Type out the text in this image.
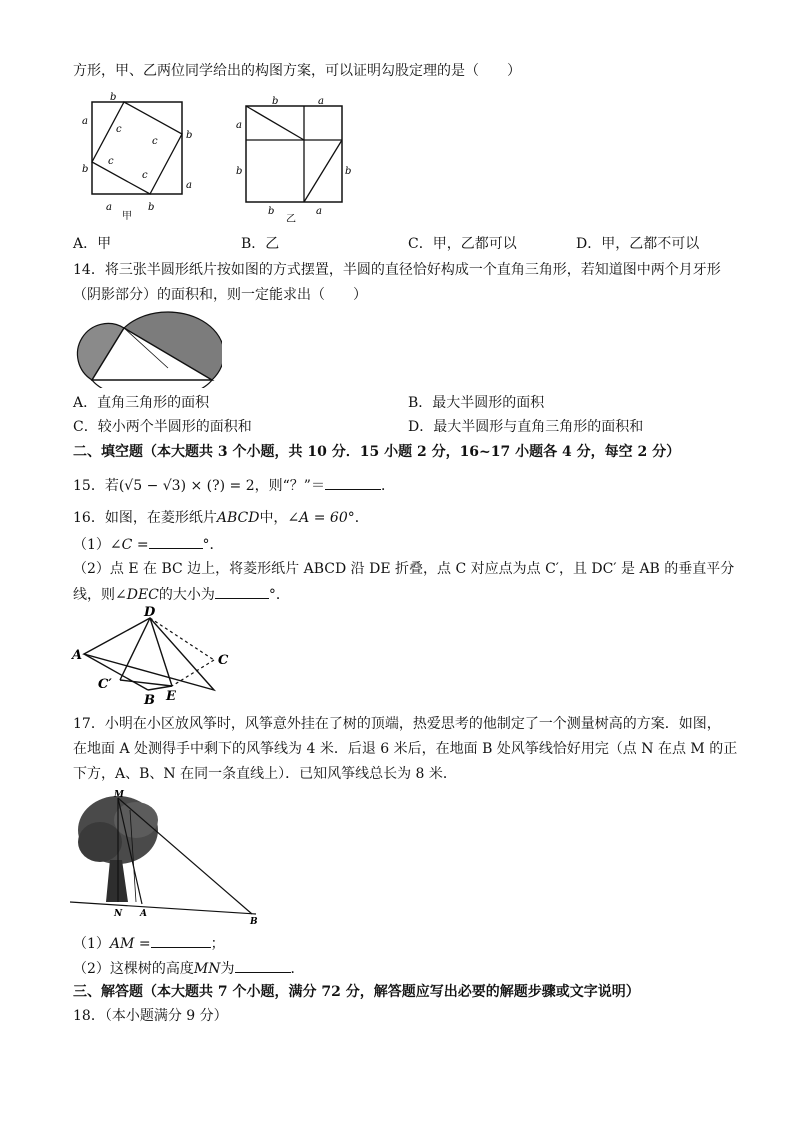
方形，甲、乙两位同学给出的构图方案，可以证明勾股定理的是（　　）
b
a
b
b
a
a	b
c
c
c
c
甲
b	a
a
b	b
b	a
乙
A．甲	B．乙	C．甲，乙都可以	D．甲，乙都不可以
14．将三张半圆形纸片按如图的方式摆置，半圆的直径恰好构成一个直角三角形，若知道图中两个月牙形
（阴影部分）的面积和，则一定能求出（　　）
A．直角三角形的面积	B．最大半圆形的面积
C．较小两个半圆形的面积和	D．最大半圆形与直角三角形的面积和
二、填空题（本大题共 3 个小题，共 10 分．15 小题 2 分，16~17 小题各 4 分，每空 2 分）
15．若(√5 − √3) × (?) = 2，则“？”＝	．
16．如图，在菱形纸片ABCD中，∠A = 60°．
（1）∠C =	°．
（2）点 E 在 BC 边上，将菱形纸片 ABCD 沿 DE 折叠，点 C 对应点为点 C′，且 DC′ 是 AB 的垂直平分
线，则∠DEC的大小为	°．
A
D
C
C′
B E
17．小明在小区放风筝时，风筝意外挂在了树的顶端，热爱思考的他制定了一个测量树高的方案．如图，
在地面 A 处测得手中剩下的风筝线为 4 米．后退 6 米后，在地面 B 处风筝线恰好用完（点 N 在点 M 的正
下方，A、B、N 在同一条直线上）．已知风筝线总长为 8 米．
M
N A
B
（1）AM =	；
（2）这棵树的高度MN为	．
三、解答题（本大题共 7 个小题，满分 72 分，解答题应写出必要的解题步骤或文字说明）
18．（本小题满分 9 分）
